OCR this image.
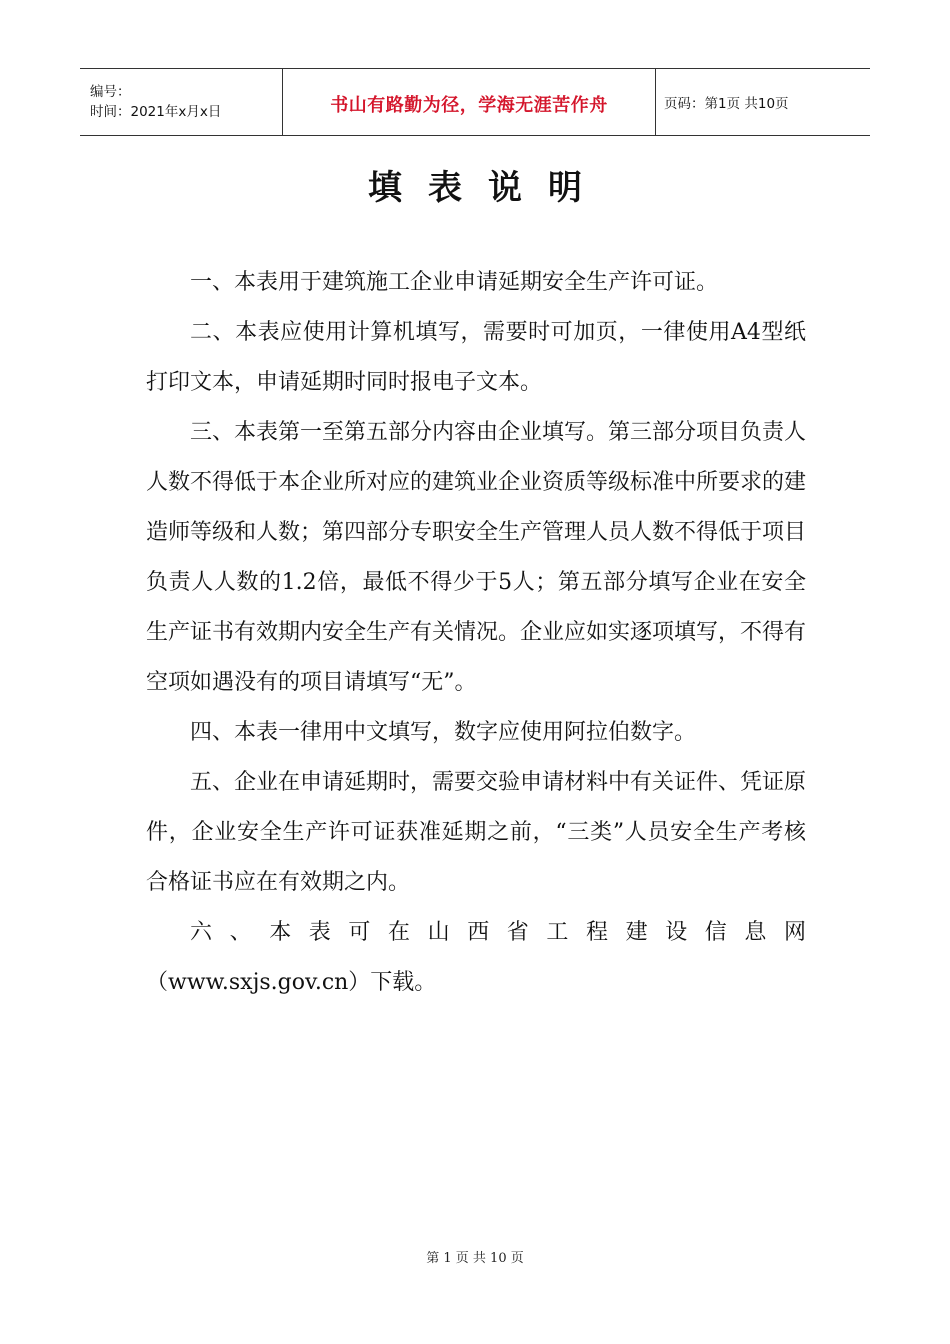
编号：
时间：2021年x月x日	书山有路勤为径，学海无涯苦作舟	页码：第1页 共10页
填表说明

一、本表用于建筑施工企业申请延期安全生产许可证。

二、本表应使用计算机填写，需要时可加页，一律使用A4型纸打印文本，申请延期时同时报电子文本。

三、本表第一至第五部分内容由企业填写。第三部分项目负责人人数不得低于本企业所对应的建筑业企业资质等级标准中所要求的建造师等级和人数；第四部分专职安全生产管理人员人数不得低于项目负责人人数的1.2倍，最低不得少于5人；第五部分填写企业在安全生产证书有效期内安全生产有关情况。企业应如实逐项填写，不得有空项如遇没有的项目请填写“无”。

四、本表一律用中文填写，数字应使用阿拉伯数字。

五、企业在申请延期时，需要交验申请材料中有关证件、凭证原件，企业安全生产许可证获准延期之前，“三类”人员安全生产考核合格证书应在有效期之内。

六、本表可在山西省工程建设信息网

（www.sxjs.gov.cn）下载。

第 1 页 共 10 页
